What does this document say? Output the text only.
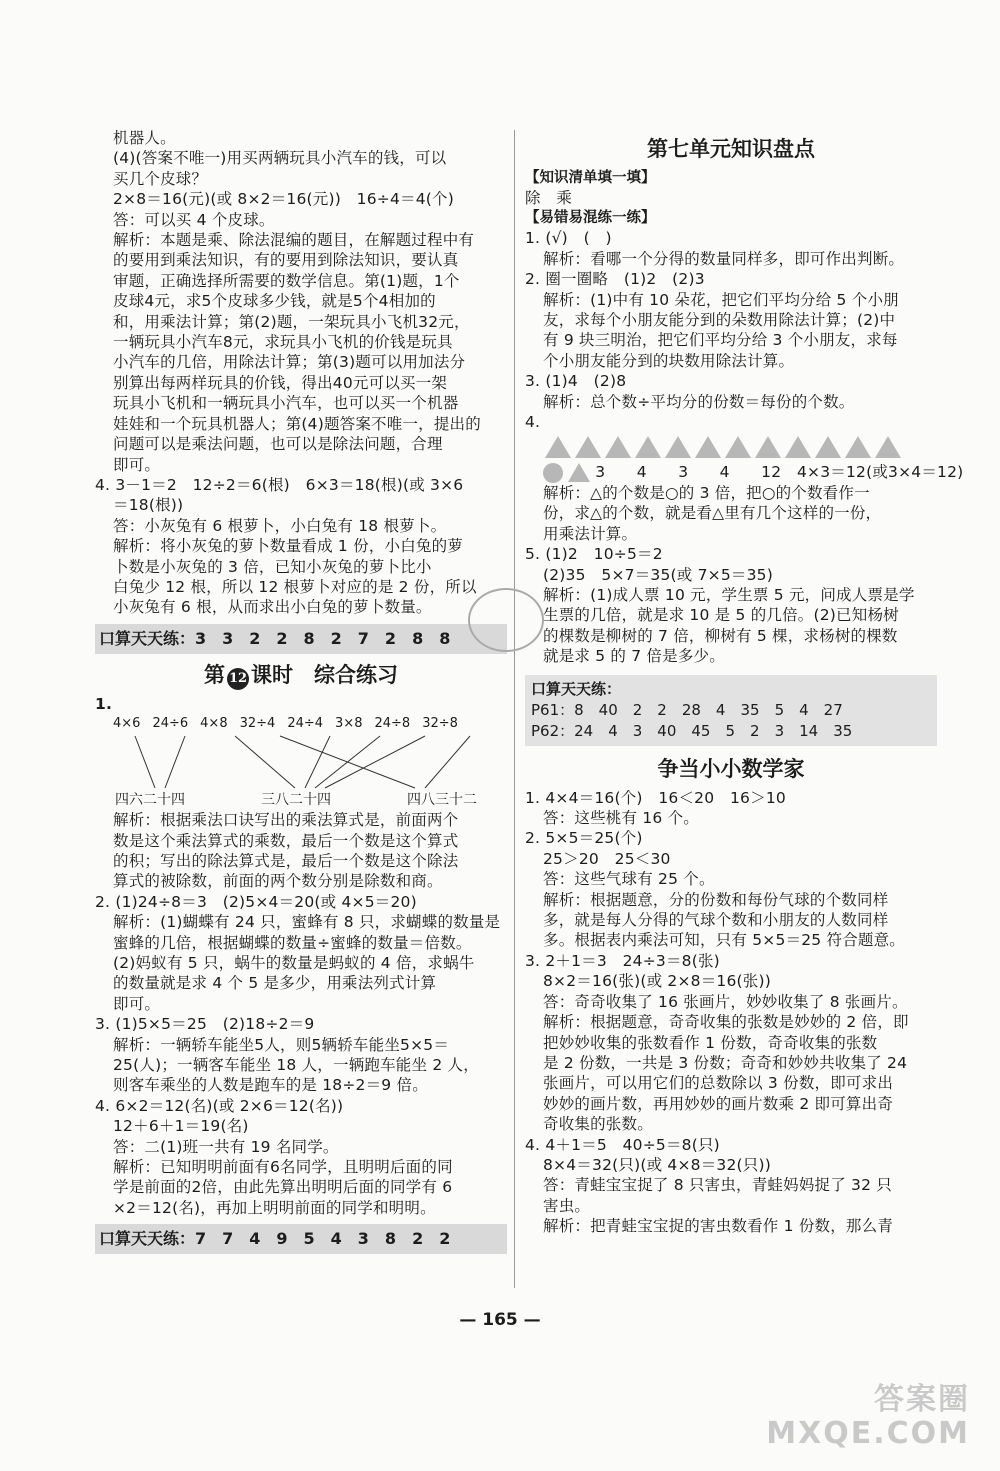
机器人。
(4)(答案不唯一)用买两辆玩具小汽车的钱，可以
买几个皮球？
2×8＝16(元)(或 8×2＝16(元))　16÷4＝4(个)
答：可以买 4 个皮球。
解析：本题是乘、除法混编的题目，在解题过程中有
的要用到乘法知识，有的要用到除法知识，要认真
审题，正确选择所需要的数学信息。第(1)题，1个
皮球4元，求5个皮球多少钱，就是5个4相加的
和，用乘法计算；第(2)题，一架玩具小飞机32元，
一辆玩具小汽车8元，求玩具小飞机的价钱是玩具
小汽车的几倍，用除法计算；第(3)题可以用加法分
别算出每两样玩具的价钱，得出40元可以买一架
玩具小飞机和一辆玩具小汽车，也可以买一个机器
娃娃和一个玩具机器人；第(4)题答案不唯一，提出的
问题可以是乘法问题，也可以是除法问题，合理
即可。
4. 3－1＝2　12÷2＝6(根)　6×3＝18(根)(或 3×6
＝18(根))
答：小灰兔有 6 根萝卜，小白兔有 18 根萝卜。
解析：将小灰兔的萝卜数量看成 1 份，小白兔的萝
卜数是小灰兔的 3 倍，已知小灰兔的萝卜比小
白兔少 12 根，所以 12 根萝卜对应的是 2 份，所以
小灰兔有 6 根，从而求出小白兔的萝卜数量。
口算天天练：3　3　2　2　8　2　7　2　8　8
第 12 课时　综合练习
1.
4×6 24÷6 4×8 32÷4 24÷4 3×8 24÷8 32÷8
四六二十四	三八二十四	四八三十二
解析：根据乘法口诀写出的乘法算式是，前面两个
数是这个乘法算式的乘数，最后一个数是这个算式
的积；写出的除法算式是，最后一个数是这个除法
算式的被除数，前面的两个数分别是除数和商。
2. (1)24÷8＝3　(2)5×4＝20(或 4×5＝20)
解析：(1)蝴蝶有 24 只，蜜蜂有 8 只，求蝴蝶的数量是
蜜蜂的几倍，根据蝴蝶的数量÷蜜蜂的数量＝倍数。
(2)妈蚁有 5 只，蜗牛的数量是蚂蚁的 4 倍，求蜗牛
的数量就是求 4 个 5 是多少，用乘法列式计算
即可。
3. (1)5×5＝25　(2)18÷2＝9
解析：一辆轿车能坐5人，则5辆轿车能坐5×5＝
25(人)；一辆客车能坐 18 人，一辆跑车能坐 2 人，
则客车乘坐的人数是跑车的是 18÷2＝9 倍。
4. 6×2＝12(名)(或 2×6＝12(名))
12＋6＋1＝19(名)
答：二(1)班一共有 19 名同学。
解析：已知明明前面有6名同学，且明明后面的同
学是前面的2倍，由此先算出明明后面的同学有 6
×2＝12(名)，再加上明明前面的同学和明明。
口算天天练：7　7　4　9　5　4　3　8　2　2
第七单元知识盘点
【知识清单填一填】
除　乘
【易错易混练一练】
1. (√)　(　)
解析：看哪一个分得的数量同样多，即可作出判断。
2. 圈一圈略　(1)2　(2)3
解析：(1)中有 10 朵花，把它们平均分给 5 个小朋
友，求每个小朋友能分到的朵数用除法计算；(2)中
有 9 块三明治，把它们平均分给 3 个小朋友，求每
个小朋友能分到的块数用除法计算。
3. (1)4　(2)8
解析：总个数÷平均分的份数＝每份的个数。
4.
3　　4　　3　　4　　12　4×3＝12(或3×4＝12)
解析：△的个数是○的 3 倍，把○的个数看作一
份，求△的个数，就是看△里有几个这样的一份，
用乘法计算。
5. (1)2　10÷5＝2
(2)35　5×7＝35(或 7×5＝35)
解析：(1)成人票 10 元，学生票 5 元，问成人票是学
生票的几倍，就是求 10 是 5 的几倍。(2)已知杨树
的棵数是柳树的 7 倍，柳树有 5 棵，求杨树的棵数
就是求 5 的 7 倍是多少。
口算天天练：
P61：8　40　2　2　28　4　35　5　4　27
P62：24　4　3　40　45　5　2　3　14　35
争当小小数学家
1. 4×4＝16(个)　16＜20　16＞10
答：这些桃有 16 个。
2. 5×5＝25(个)
25＞20　25＜30
答：这些气球有 25 个。
解析：根据题意，分的份数和每份气球的个数同样
多，就是每人分得的气球个数和小朋友的人数同样
多。根据表内乘法可知，只有 5×5＝25 符合题意。
3. 2＋1＝3　24÷3＝8(张)
8×2＝16(张)(或 2×8＝16(张))
答：奇奇收集了 16 张画片，妙妙收集了 8 张画片。
解析：根据题意，奇奇收集的张数是妙妙的 2 倍，即
把妙妙收集的张数看作 1 份数，奇奇收集的张数
是 2 份数，一共是 3 份数；奇奇和妙妙共收集了 24
张画片，可以用它们的总数除以 3 份数，即可求出
妙妙的画片数，再用妙妙的画片数乘 2 即可算出奇
奇收集的张数。
4. 4＋1＝5　40÷5＝8(只)
8×4＝32(只)(或 4×8＝32(只))
答：青蛙宝宝捉了 8 只害虫，青蛙妈妈捉了 32 只
害虫。
解析：把青蛙宝宝捉的害虫数看作 1 份数，那么青
— 165 —
答案圈
MXQE.COM
